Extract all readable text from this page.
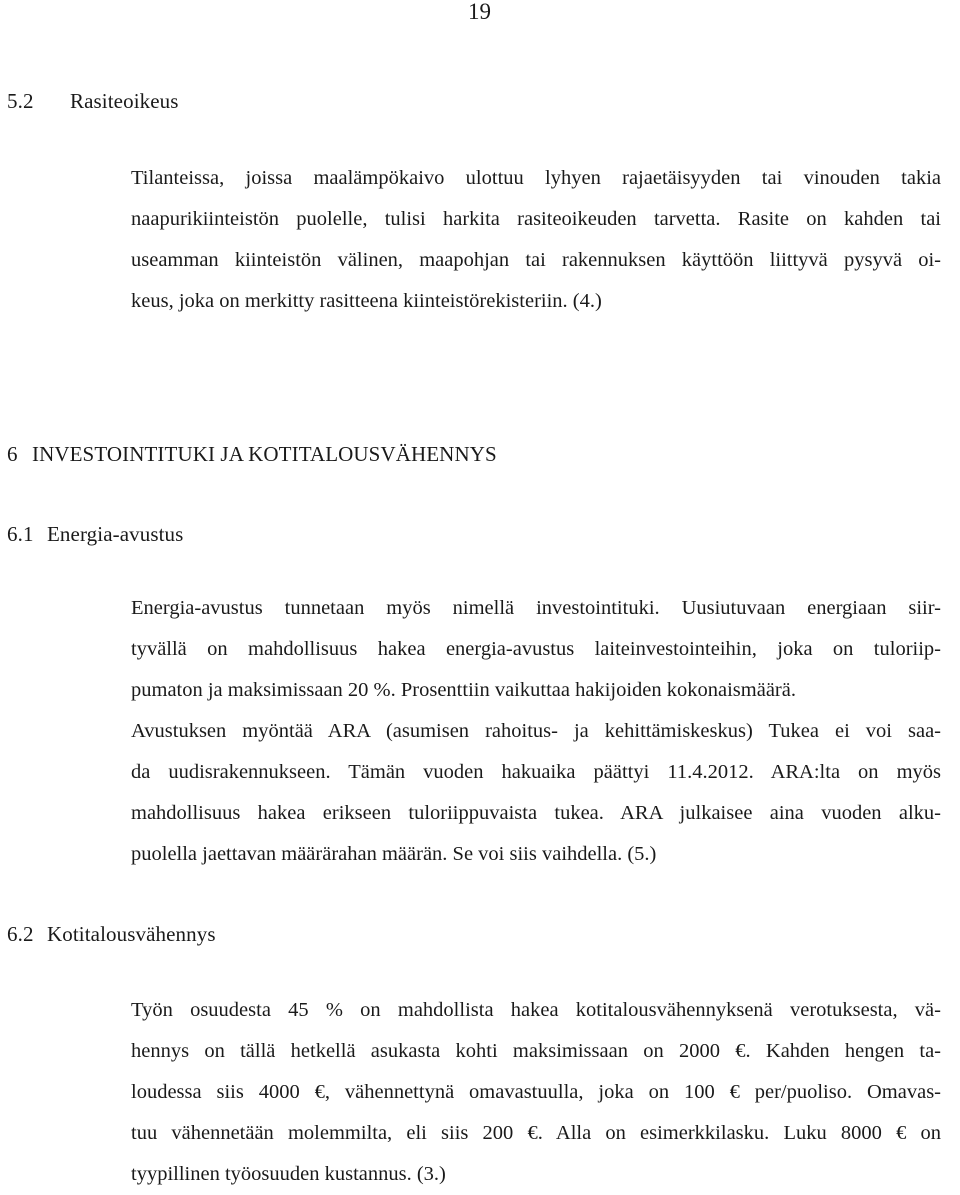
19
5.2 Rasiteoikeus
Tilanteissa, joissa maalämpökaivo ulottuu lyhyen rajaetäisyyden tai vinouden takia
naapurikiinteistön puolelle, tulisi harkita rasiteoikeuden tarvetta. Rasite on kahden tai
useamman kiinteistön välinen, maapohjan tai rakennuksen käyttöön liittyvä pysyvä oi-
keus, joka on merkitty rasitteena kiinteistörekisteriin. (4.)
6 INVESTOINTITUKI JA KOTITALOUSVÄHENNYS
6.1 Energia-avustus
Energia-avustus tunnetaan myös nimellä investointituki. Uusiutuvaan energiaan siir-
tyvällä on mahdollisuus hakea energia-avustus laiteinvestointeihin, joka on tuloriip-
pumaton ja maksimissaan 20 %. Prosenttiin vaikuttaa hakijoiden kokonaismäärä.
Avustuksen myöntää ARA (asumisen rahoitus- ja kehittämiskeskus) Tukea ei voi saa-
da uudisrakennukseen. Tämän vuoden hakuaika päättyi 11.4.2012. ARA:lta on myös
mahdollisuus hakea erikseen tuloriippuvaista tukea. ARA julkaisee aina vuoden alku-
puolella jaettavan määrärahan määrän. Se voi siis vaihdella. (5.)
6.2 Kotitalousvähennys
Työn osuudesta 45 % on mahdollista hakea kotitalousvähennyksenä verotuksesta, vä-
hennys on tällä hetkellä asukasta kohti maksimissaan on 2000 €. Kahden hengen ta-
loudessa siis 4000 €, vähennettynä omavastuulla, joka on 100 € per/puoliso. Omavas-
tuu vähennetään molemmilta, eli siis 200 €. Alla on esimerkkilasku. Luku 8000 € on
tyypillinen työosuuden kustannus. (3.)
